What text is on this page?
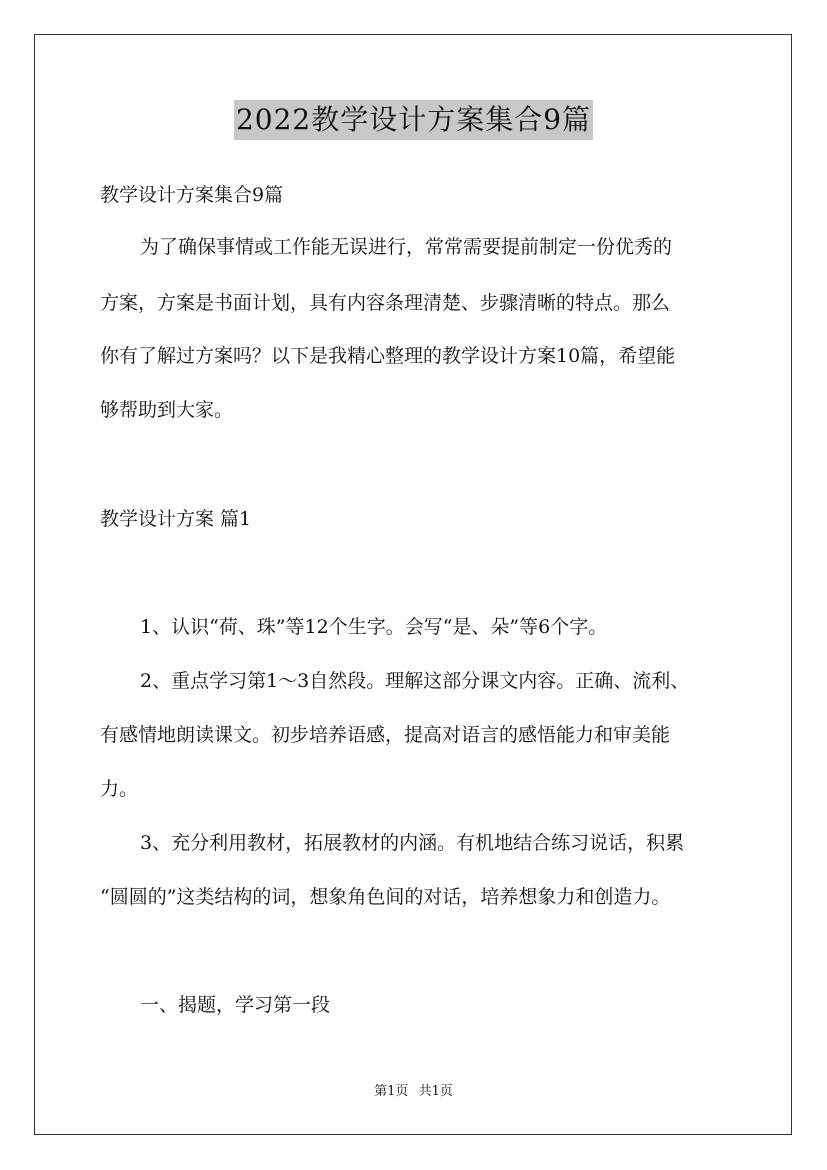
2022教学设计方案集合9篇
教学设计方案集合9篇
为了确保事情或工作能无误进行，常常需要提前制定一份优秀的
方案，方案是书面计划，具有内容条理清楚、步骤清晰的特点。那么
你有了解过方案吗？以下是我精心整理的教学设计方案10篇，希望能
够帮助到大家。
教学设计方案 篇1
1、认识“荷、珠”等12个生字。会写“是、朵”等6个字。
2、重点学习第1～3自然段。理解这部分课文内容。正确、流利、
有感情地朗读课文。初步培养语感，提高对语言的感悟能力和审美能
力。
3、充分利用教材，拓展教材的内涵。有机地结合练习说话，积累
“圆圆的”这类结构的词，想象角色间的对话，培养想象力和创造力。
一、揭题，学习第一段
第1页 共1页
